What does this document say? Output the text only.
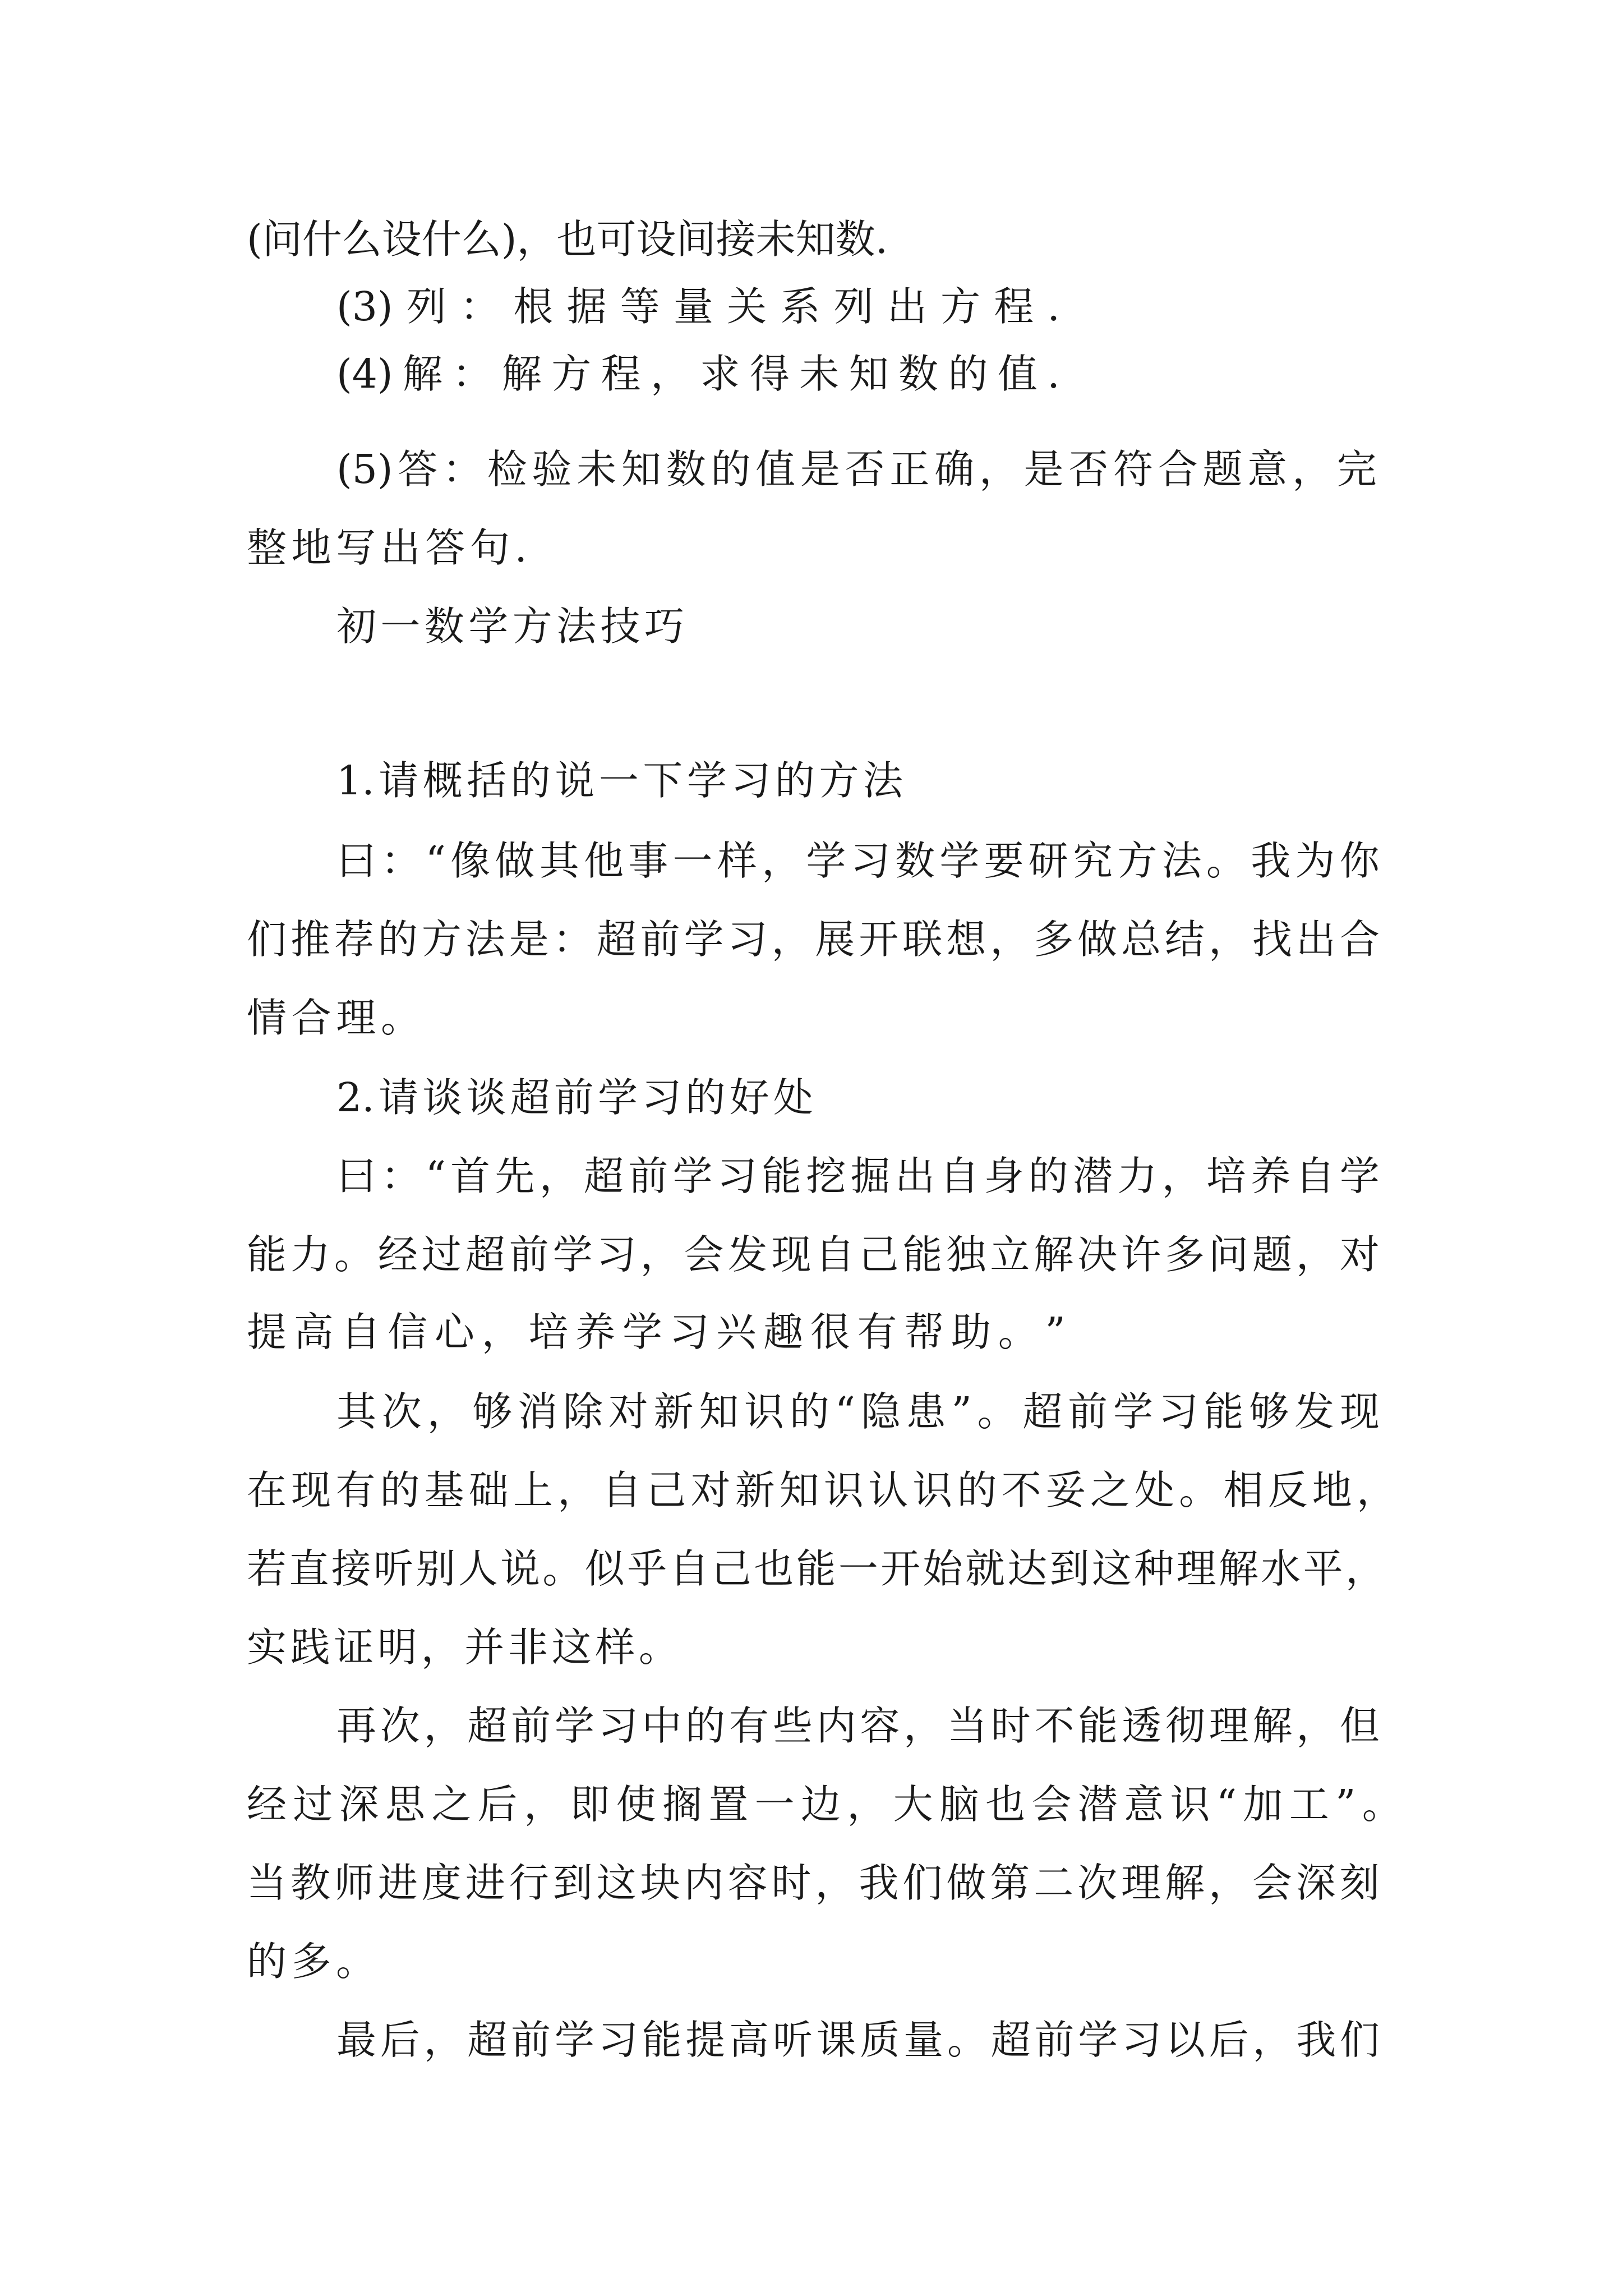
( 问 什 么 设 什 么 ) ， 也 可 设 间 接 未 知 数 .
(3) 列 ： 根 据 等 量 关 系 列 出 方 程 .
(4) 解 ： 解 方 程 ， 求 得 未 知 数 的 值 .
(5) 答 ： 检 验 未 知 数 的 值 是 否 正 确 ， 是 否 符 合 题 意 ， 完
整 地 写 出 答 句 .
初 一 数 学 方 法 技 巧
1. 请 概 括 的 说 一 下 学 习 的 方 法
曰 ： “ 像 做 其 他 事 一 样 ， 学 习 数 学 要 研 究 方 法 。 我 为 你
们 推 荐 的 方 法 是 ： 超 前 学 习 ， 展 开 联 想 ， 多 做 总 结 ， 找 出 合
情 合 理 。
2. 请 谈 谈 超 前 学 习 的 好 处
曰 ： “ 首 先 ， 超 前 学 习 能 挖 掘 出 自 身 的 潜 力 ， 培 养 自 学
能 力 。 经 过 超 前 学 习 ， 会 发 现 自 己 能 独 立 解 决 许 多 问 题 ， 对
提 高 自 信 心 ， 培 养 学 习 兴 趣 很 有 帮 助 。 ”
其 次 ， 够 消 除 对 新 知 识 的 “ 隐 患 ” 。 超 前 学 习 能 够 发 现
在 现 有 的 基 础 上 ， 自 己 对 新 知 识 认 识 的 不 妥 之 处 。 相 反 地 ，
若 直 接 听 别 人 说 。 似 乎 自 己 也 能 一 开 始 就 达 到 这 种 理 解 水 平 ，
实 践 证 明 ， 并 非 这 样 。
再 次 ， 超 前 学 习 中 的 有 些 内 容 ， 当 时 不 能 透 彻 理 解 ， 但
经 过 深 思 之 后 ， 即 使 搁 置 一 边 ， 大 脑 也 会 潜 意 识 “ 加 工 ” 。
当 教 师 进 度 进 行 到 这 块 内 容 时 ， 我 们 做 第 二 次 理 解 ， 会 深 刻
的 多 。
最 后 ， 超 前 学 习 能 提 高 听 课 质 量 。 超 前 学 习 以 后 ， 我 们
